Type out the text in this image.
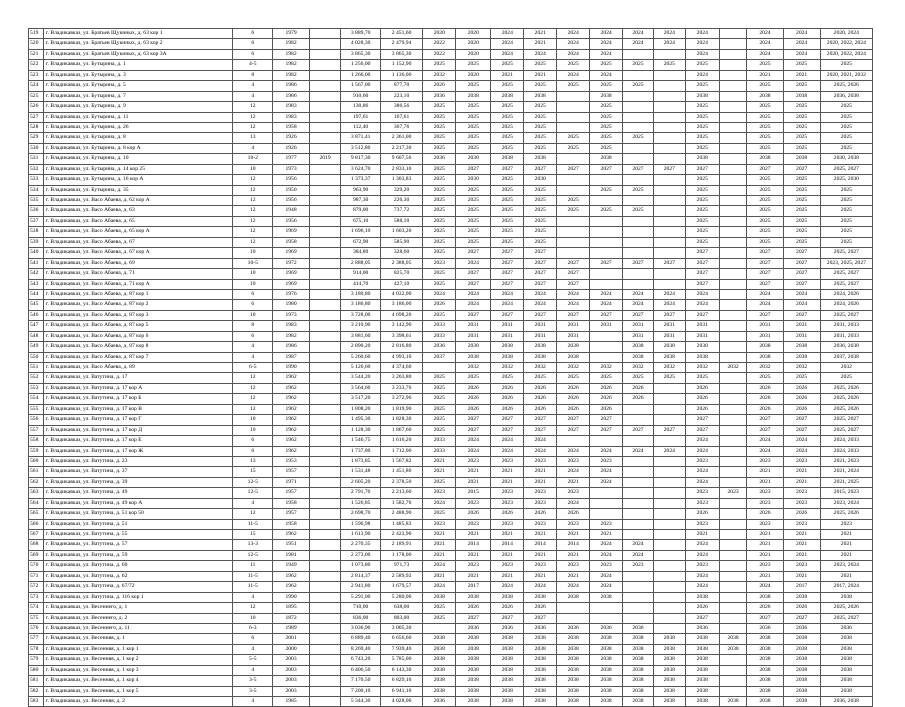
519	г. Владикавказ, ул. Братьев Щукиных, д. 63 кор 1	6	1979		3 889,70	2 451,60	2020	2020	2024	2021	2024	2024	2024	2024	2024		2024	2024	2020, 2024
520	г. Владикавказ, ул. Братьев Щукиных, д. 63 кор 2	6	1982		4 028,30	2 479,94	2022	2020	2024	2021	2024	2024	2024	2024	2024		2024	2024	2020, 2022, 2024
521	г. Владикавказ, ул. Братьев Щукиных, д. 63 кор 3А	6	1982		3 865,30	3 865,30	2022	2020	2024	2024	2024	2024			2024		2024	2024	2020, 2022, 2024
522	г. Владикавказ, ул. Бутырина, д. 1	4-5	1982		1 256,00	1 152,90	2025	2025	2025	2025	2025	2025	2025	2025	2025		2025	2025	2025
523	г. Владикавказ, ул. Бутырина, д. 3	8	1982		1 266,00	1 136,00	2032	2020	2021	2021	2024	2024			2024		2021	2021	2020, 2021, 2032
524	г. Владикавказ, ул. Бутырина, д. 5	4	1986		1 567,00	877,70	2026	2025	2025	2025	2025	2025	2025		2025		2025	2025	2025, 2026
525	г. Владикавказ, ул. Бутырина, д. 7	4	1986		910,60	223,10	2036	2038	2038	2038		2038			2038		2038	2038	2036, 2038
526	г. Владикавказ, ул. Бутырина, д. 9	12	1983		130,86	386,56	2025	2025	2025	2025		2025			2025		2025	2025	2025
527	г. Владикавказ, ул. Бутырина, д. 11	12	1983		197,61	167,61	2025	2025	2025	2025		2025			2025		2025	2025	2025
528	г. Владикавказ, ул. Бутырина, д. 26	12	1958		112,40	367,76	2025	2025	2025	2025		2025			2025		2025	2025	2025
529	г. Владикавказ, ул. Бутырина, д. 8	13	1926		3 871,41	2 361,00	2025	2025	2025	2025	2025	2025	2025		2025		2025	2025	2025
530	г. Владикавказ, ул. Бутырина, д. 8 кор А	4	1926		3 512,80	2 217,30	2025	2025	2025	2025	2025	2025			2025		2025	2025	2025
531	г. Владикавказ, ул. Бутырина, д. 10	10-2	1977	2019	9 817,30	9 607,56	2036	2030	2038	2038		2038			2038		2038	2038	2030, 2038
532	г. Владикавказ, ул. Бутырина, д. 14 кор 25	10	1973		3 624,70	2 833,10	2025	2027	2027	2027	2027	2027	2027	2027	2027		2027	2027	2025, 2027
533	г. Владикавказ, ул. Бутырина, д. 16 кор А	12	1956		1 373,37	1 303,83	2025	2030	2025	2030					2025		2025	2025	2025, 2030
534	г. Владикавказ, ул. Бутырина, д. 35	12	1950		963,90	329,20	2025	2025	2025	2025		2025	2025		2025		2025	2025	2025
535	г. Владикавказ, ул. Васо Абаева, д. 62 кор А	12	1956		987,30	226,30	2025	2025	2025	2025	2025				2025		2025	2025	2025
536	г. Владикавказ, ул. Васо Абаева, д. 63	12	1948		879,00	737,72	2025	2025	2025	2025	2025	2025	2025		2025		2025	2025	2025
537	г. Владикавказ, ул. Васо Абаева, д. 65	12	1956		675,10	588,10	2025	2025	2025	2025					2025		2025	2025	2025
538	г. Владикавказ, ул. Васо Абаева, д. 65 кор А	12	1969		1 696,10	1 603,20	2025	2025	2025	2025					2025		2025	2025	2025
539	г. Владикавказ, ул. Васо Абаева, д. 67	12	1958		672,90	585,90	2025	2025	2025	2025					2025		2025	2025	2025
540	г. Владикавказ, ул. Васо Абаева, д. 67 кор А	10	1969		384,80	328,60	2025	2027	2027	2027					2027		2027	2027	2025, 2027
541	г. Владикавказ, ул. Васо Абаева, д. 69	10-5	1972		2 888,05	2 388,05	2023	2024	2027	2027	2027	2027	2027	2027	2027		2027	2027	2023, 2025, 2027
542	г. Владикавказ, ул. Васо Абаева, д. 71	10	1969		914,00	825,70	2025	2027	2027	2027	2027				2027		2027	2027	2025, 2027
543	г. Владикавказ, ул. Васо Абаева, д. 71 кор А	10	1969		414,70	427,10	2025	2027	2027	2027	2027				2027		2027	2027	2025, 2027
544	г. Владикавказ, ул. Васо Абаева, д. 87 кор 1	6	1976		3 180,80	4 032,00	2024	2024	2024	2024	2024	2024	2024	2024	2024		2024	2024	2024, 2026
545	г. Владикавказ, ул. Васо Абаева, д. 87 кор 2	6	1980		3 186,80	3 186,00	2026	2024	2024	2024	2024	2024	2024	2024	2024		2024	2024	2024, 2026
546	г. Владикавказ, ул. Васо Абаева, д. 87 кор 3	10	1973		3 728,00	4 698,20	2025	2027	2027	2027	2027	2027	2027	2027	2027		2027	2027	2025, 2027
547	г. Владикавказ, ул. Васо Абаева, д. 87 кор 5	8	1983		3 210,90	3 142,90	2033	2031	2031	2031	2031	2031	2031	2031	2031		2031	2031	2031, 2033
548	г. Владикавказ, ул. Васо Абаева, д. 87 кор 6	6	1982		3 881,60	3 398,61	2033	2031	2031	2031	2031		2031	2031	2031		2031	2031	2031, 2033
549	г. Владикавказ, ул. Васо Абаева, д. 87 кор 8	4	1986		2 890,20	2 816,80	2036	2038	2038	2038	2038		2038	2038	2038		2038	2038	2036, 2038
550	г. Владикавказ, ул. Васо Абаева, д. 87 кор 7	4	1987		5 260,60	4 993,10	2037	2038	2038	2038	2038		2038	2038	2038		2038	2038	2037, 2038
551	г. Владикавказ, ул. Васо Абаева, д. 89	6-5	1990		5 126,60	4 374,60		2032	2032	2032	2032	2032	2032	2032	2032	2032	2032	2032	2032
552	г. Владикавказ, ул. Ватутина, д. 17	12	1962		3 544,20	3 203,80	2025	2025	2025	2025	2025	2025	2025	2025	2025		2025	2025	2025
553	г. Владикавказ, ул. Ватутина, д. 17 кор А	12	1962		3 564,60	3 233,76	2025	2026	2026	2026	2026	2026	2026		2026		2026	2026	2025, 2026
554	г. Владикавказ, ул. Ватутина, д. 17 кор Б	12	1962		3 517,20	3 272,96	2025	2026	2026	2026	2026	2026	2026		2026		2026	2026	2025, 2026
555	г. Владикавказ, ул. Ватутина, д. 17 кор В	12	1962		1 808,20	1 819,90	2025	2026	2026	2026	2026	2026			2026		2026	2026	2025, 2026
556	г. Владикавказ, ул. Ватутина, д. 17 кор Г	10	1962		1 495,30	1 828,30	2025	2027	2027	2027	2027	2027			2027		2027	2027	2025, 2027
557	г. Владикавказ, ул. Ватутина, д. 17 кор Д	10	1962		1 128,30	1 867,60	2025	2027	2027	2027	2027	2027	2027	2027	2027		2027	2027	2025, 2027
558	г. Владикавказ, ул. Ватутина, д. 17 кор Е	6	1962		1 546,75	1 616,20	2033	2024	2024	2024					2024		2024	2024	2024, 2033
559	г. Владикавказ, ул. Ватутина, д. 17 кор Ж	6	1962		1 737,80	1 712,00	2033	2024	2024	2024	2024	2024	2024	2024	2024		2024	2024	2024, 2033
560	г. Владикавказ, ул. Ватутина, д. 23	13	1953		1 873,85	1 567,82	2021	2023	2023	2023	2023	2023			2023		2023	2023	2021, 2023
561	г. Владикавказ, ул. Ватутина, д. 37	15	1957		1 531,48	1 451,80	2021	2021	2021	2021	2024	2024			2024		2021	2021	2021, 2024
562	г. Владикавказ, ул. Ватутина, д. 39	12-5	1971		2 605,20	2 378,50	2025	2021	2021	2021	2021	2024			2024		2021	2021	2021, 2025
563	г. Владикавказ, ул. Ватутина, д. 49	12-5	1957		2 791,70	2 213,60	2023	2015	2023	2023	2023				2023	2023	2023	2023	2015, 2023
564	г. Владикавказ, ул. Ватутина, д. 49 кор А	4	1958		1 526,85	1 582,70	2024	2023	2023	2023	2024				2023		2023	2023	2023, 2024
565	г. Владикавказ, ул. Ватутина, д. 51 кор 50	12	1957		2 698,70	2 488,90	2025	2026	2026	2026	2026				2026		2026	2026	2025, 2026
566	г. Владикавказ, ул. Ватутина, д. 51	11-5	1958		1 596,98	1 485,83	2023	2023	2023	2023	2023	2023			2023		2023	2023	2023
567	г. Владикавказ, ул. Ватутина, д. 55	15	1962		1 613,90	2 423,90	2021	2021	2021	2021	2021	2021			2021		2021	2021	2021
568	г. Владикавказ, ул. Ватутина, д. 57	13-3	1951		2 270,35	2 189,91	2021	2014	2014	2014	2014	2024	2024		2024		2021	2021	2021
569	г. Владикавказ, ул. Ватутина, д. 59	12-5	1981		2 273,00	1 178,00	2021	2021	2021	2021	2021	2024	2024		2024		2021	2021	2021
570	г. Владикавказ, ул. Ватутина, д. 60	11	1949		1 073,80	971,73	2024	2023	2023	2023	2023	2023	2023		2023		2023	2023	2023, 2024
571	г. Владикавказ, ул. Ватутина, д. 62	11-5	1962		2 814,37	2 589,92	2021	2021	2021	2021	2021	2024			2024		2021	2021	2021
572	г. Владикавказ, ул. Ватутина, д. 67/72	11-5	1962		2 941,80	1 679,57	2024	2017	2024	2024	2024	2024			2024		2024	2017	2017, 2024
573	г. Владикавказ, ул. Ватутина, д. 116 кор 1	4	1990		5 291,00	5 280,00	2038	2038	2038	2038	2038	2038			2038		2038	2038	2038
574	г. Владикавказ, ул. Весеннего, д. 1	12	1895		710,00	638,00	2025	2026	2026	2026					2026		2026	2026	2025, 2026
575	г. Владикавказ, ул. Весеннего, д. 2	10	1872		836,00	803,00	2025	2027	2027	2027					2027		2027	2027	2025, 2027
576	г. Владикавказ, ул. Весеннего, д. 11	6-3	1989		3 036,90	3 005,30		2036	2036	2036	2036	2036	2036		2036		2036	2036	2036
577	г. Владикавказ, ул. Весенняя, д. 1	6	2001		6 889,40	6 656,60	2038	2038	2038	2038	2038	2038	2038	2038	2038	2038	2038	2038	2038
578	г. Владикавказ, ул. Весенняя, д. 1 кор 1	4	2000		8 269,40	7 939,40	2038	2038	2038	2038	2038	2038	2038	2038	2038	2038	2038	2038	2038
579	г. Владикавказ, ул. Весенняя, д. 1 кор 2	5-5	2003		6 743,20	5 785,00	2038	2038	2038	2038	2038	2038	2038	2038	2038		2038	2038	2038
580	г. Владикавказ, ул. Весенняя, д. 1 кор 3	4	2003		6 406,50	6 143,30	2038	2038	2038	2038	2038	2038	2038	2038	2038		2038	2038	2038
581	г. Владикавказ, ул. Весенняя, д. 1 кор 4	3-5	2003		7 170,50	6 829,10	2038	2038	2038	2038	2038	2038	2038	2038	2038		2038	2038	2038
582	г. Владикавказ, ул. Весенняя, д. 1 кор 5	3-5	2003		7 200,10	6 941,10	2038	2038	2038	2038	2038	2038	2038	2038	2038		2038	2038	2038
583	г. Владикавказ, ул. Весенняя, д. 2	4	1985		5 344,30	4 028,00	2036	2038	2038	2038	2038	2038	2038	2038	2038	2038	2038	2038	2036, 2038
